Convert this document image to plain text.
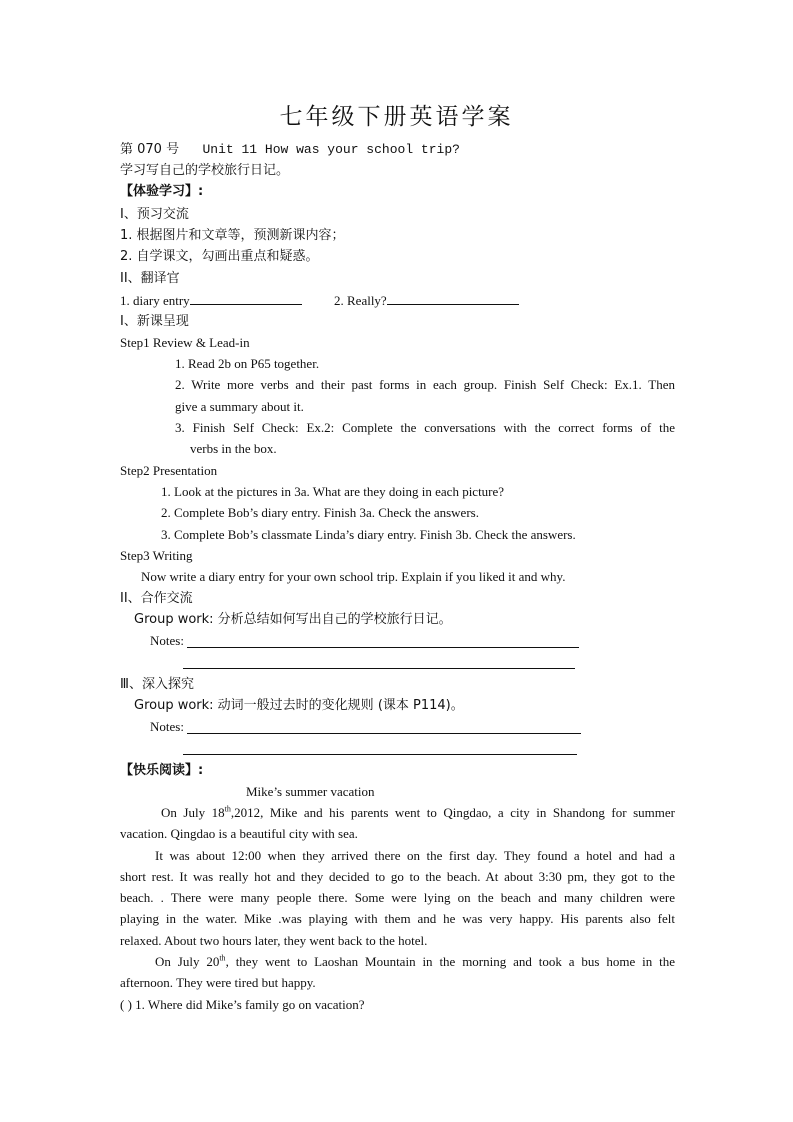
七年级下册英语学案
第 070 号 Unit 11 How was your school trip?
学习写自己的学校旅行日记。
【体验学习】:
I、预习交流
1. 根据图片和文章等，预测新课内容；
2. 自学课文，勾画出重点和疑惑。
II、翻译官
1. diary entry	2. Really?
I、新课呈现
Step1 Review & Lead-in
1. Read 2b on P65 together.
2. Write more verbs and their past forms in each group. Finish Self Check: Ex.1. Then
give a summary about it.
3. Finish Self Check: Ex.2: Complete the conversations with the correct forms of the
verbs in the box.
Step2 Presentation
1. Look at the pictures in 3a. What are they doing in each picture?
2. Complete Bob’s diary entry. Finish 3a. Check the answers.
3. Complete Bob’s classmate Linda’s diary entry. Finish 3b. Check the answers.
Step3 Writing
Now write a diary entry for your own school trip. Explain if you liked it and why.
II、合作交流
Group work: 分析总结如何写出自己的学校旅行日记。
Notes:
Ⅲ、深入探究
Group work: 动词一般过去时的变化规则 (课本 P114)。
Notes:
【快乐阅读】:
Mike’s summer vacation
On July 18th,2012, Mike and his parents went to Qingdao, a city in Shandong for summer
vacation. Qingdao is a beautiful city with sea.
It was about 12:00 when they arrived there on the first day. They found a hotel and had a
short rest. It was really hot and they decided to go to the beach. At about 3:30 pm, they got to the
beach. . There were many people there. Some were lying on the beach and many children were
playing in the water. Mike .was playing with them and he was very happy. His parents also felt
relaxed. About two hours later, they went back to the hotel.
On July 20th, they went to Laoshan Mountain in the morning and took a bus home in the
afternoon. They were tired but happy.
( ) 1. Where did Mike’s family go on vacation?
